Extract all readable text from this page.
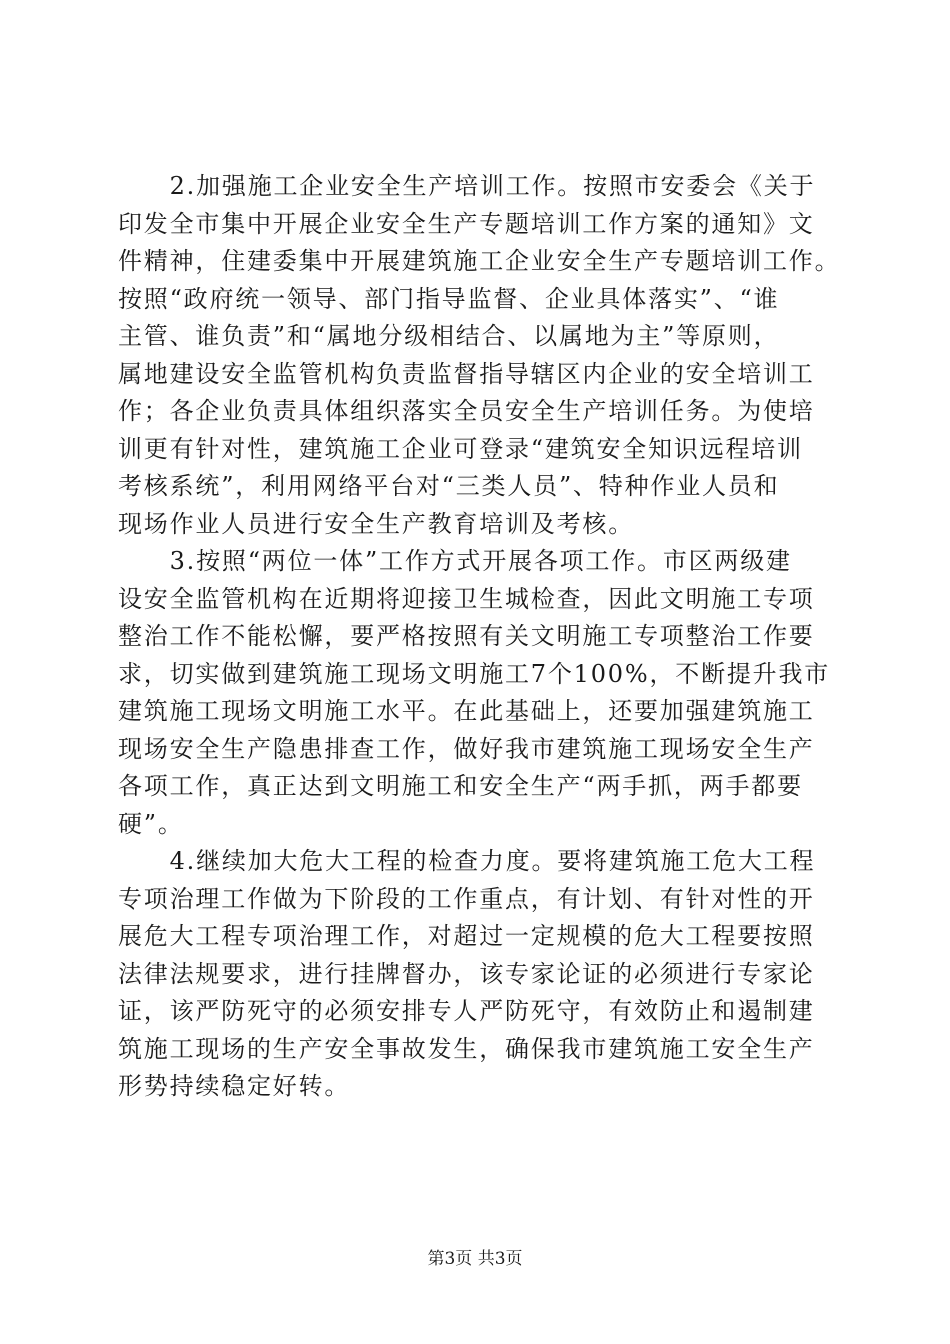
　　2.加强施工企业安全生产培训工作。按照市安委会《关于
印发全市集中开展企业安全生产专题培训工作方案的通知》文
件精神，住建委集中开展建筑施工企业安全生产专题培训工作。
按照“政府统一领导、部门指导监督、企业具体落实”、“谁
主管、谁负责”和“属地分级相结合、以属地为主”等原则，
属地建设安全监管机构负责监督指导辖区内企业的安全培训工
作；各企业负责具体组织落实全员安全生产培训任务。为使培
训更有针对性，建筑施工企业可登录“建筑安全知识远程培训
考核系统”，利用网络平台对“三类人员”、特种作业人员和
现场作业人员进行安全生产教育培训及考核。
　　3.按照“两位一体”工作方式开展各项工作。市区两级建
设安全监管机构在近期将迎接卫生城检查，因此文明施工专项
整治工作不能松懈，要严格按照有关文明施工专项整治工作要
求，切实做到建筑施工现场文明施工7个100%，不断提升我市
建筑施工现场文明施工水平。在此基础上，还要加强建筑施工
现场安全生产隐患排查工作，做好我市建筑施工现场安全生产
各项工作，真正达到文明施工和安全生产“两手抓，两手都要
硬”。
　　4.继续加大危大工程的检查力度。要将建筑施工危大工程
专项治理工作做为下阶段的工作重点，有计划、有针对性的开
展危大工程专项治理工作，对超过一定规模的危大工程要按照
法律法规要求，进行挂牌督办，该专家论证的必须进行专家论
证，该严防死守的必须安排专人严防死守，有效防止和遏制建
筑施工现场的生产安全事故发生，确保我市建筑施工安全生产
形势持续稳定好转。
第3页 共3页
